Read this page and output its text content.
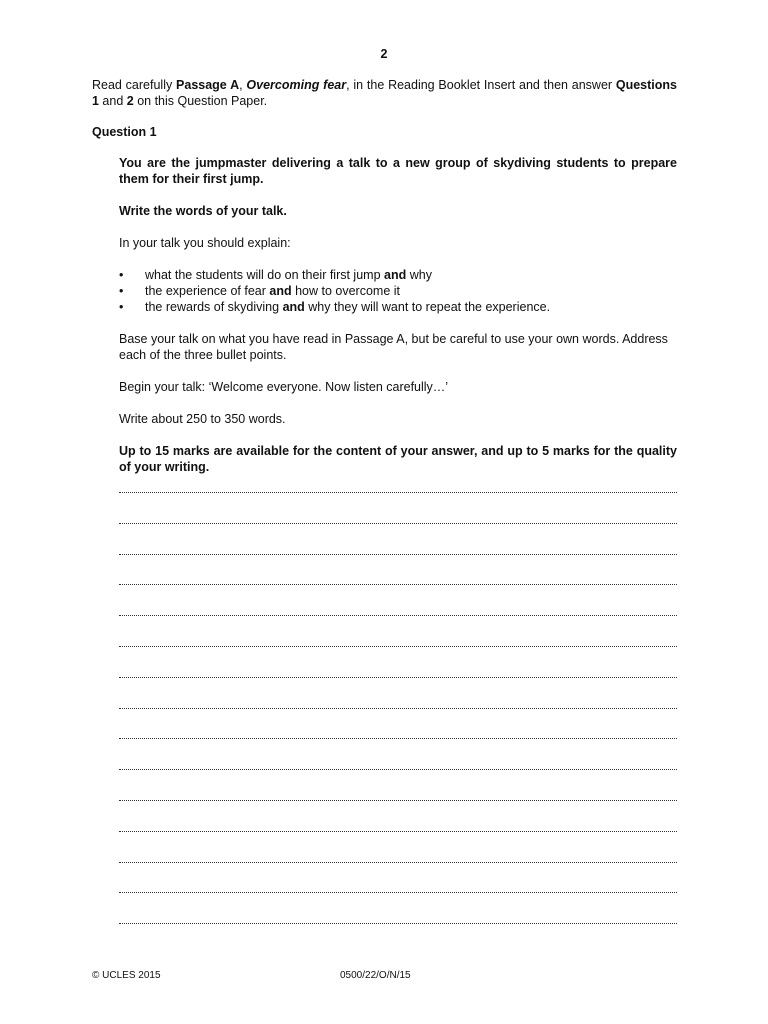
2

Read carefully Passage A, Overcoming fear, in the Reading Booklet Insert and then answer Questions 1 and 2 on this Question Paper.

Question 1

You are the jumpmaster delivering a talk to a new group of skydiving students to prepare them for their first jump.

Write the words of your talk.

In your talk you should explain:

• what the students will do on their first jump and why
• the experience of fear and how to overcome it
• the rewards of skydiving and why they will want to repeat the experience.

Base your talk on what you have read in Passage A, but be careful to use your own words. Address each of the three bullet points.

Begin your talk: ‘Welcome everyone. Now listen carefully…’

Write about 250 to 350 words.

Up to 15 marks are available for the content of your answer, and up to 5 marks for the quality of your writing.

© UCLES 2015	0500/22/O/N/15
